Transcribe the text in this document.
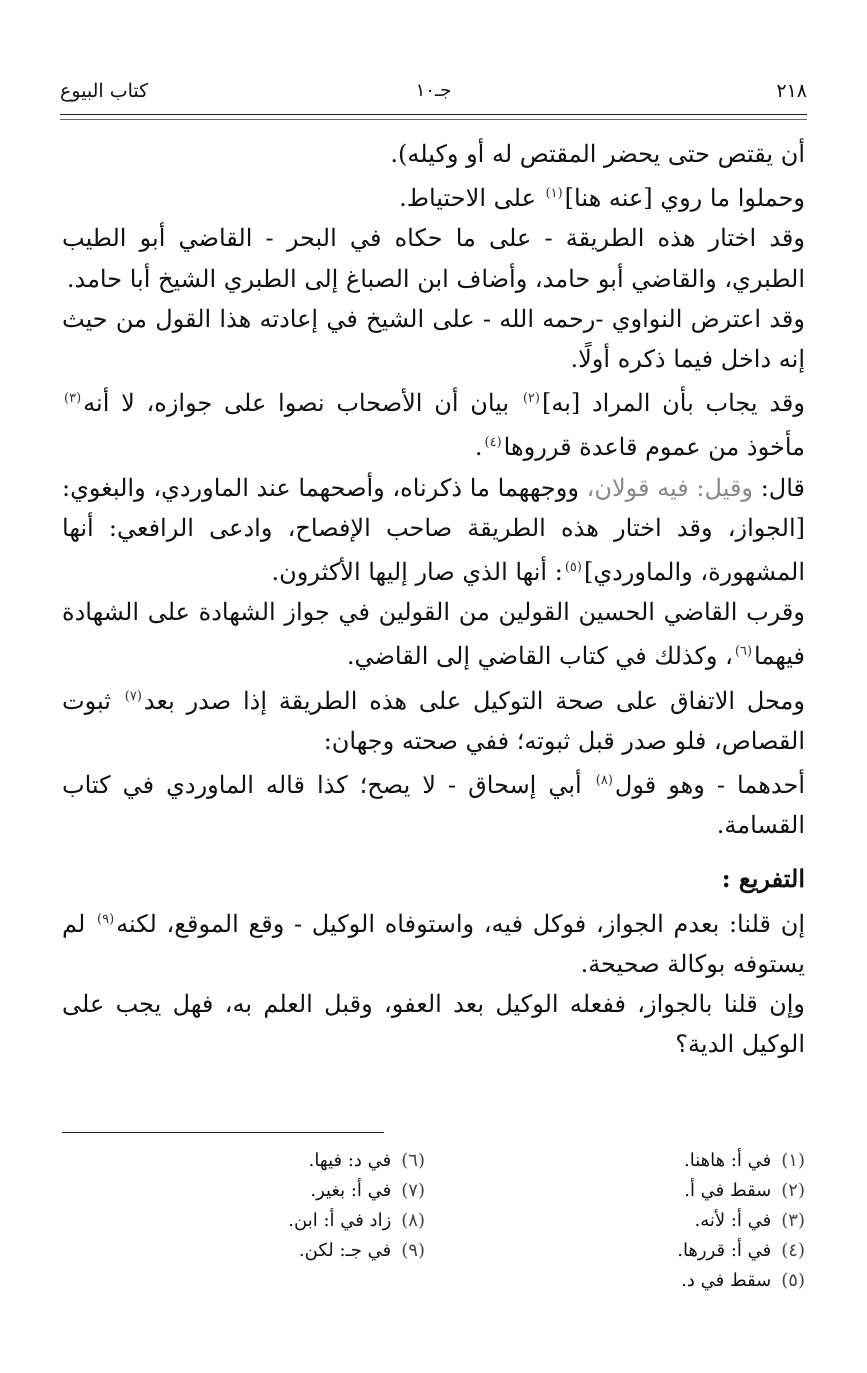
٢١٨
جـ١٠
كتاب البيوع

أن يقتص حتى يحضر المقتص له أو وكيله).

وحملوا ما روي [عنه هنا]$^{(١)}$ على الاحتياط.

وقد اختار هذه الطريقة - على ما حكاه في البحر - القاضي أبو الطيب الطبري، والقاضي أبو حامد، وأضاف ابن الصباغ إلى الطبري الشيخ أبا حامد.

وقد اعترض النواوي -رحمه الله - على الشيخ في إعادته هذا القول من حيث إنه داخل فيما ذكره أولًا.

وقد يجاب بأن المراد [به]$^{(٢)}$ بيان أن الأصحاب نصوا على جوازه، لا أنه$^{(٣)}$ مأخوذ من عموم قاعدة قرروها$^{(٤)}$.

قال: وقيل: فيه قولان، ووجههما ما ذكرناه، وأصحهما عند الماوردي، والبغوي: [الجواز، وقد اختار هذه الطريقة صاحب الإفصاح، وادعى الرافعي: أنها المشهورة، والماوردي]$^{(٥)}$: أنها الذي صار إليها الأكثرون.

وقرب القاضي الحسين القولين من القولين في جواز الشهادة على الشهادة فيهما$^{(٦)}$، وكذلك في كتاب القاضي إلى القاضي.

ومحل الاتفاق على صحة التوكيل على هذه الطريقة إذا صدر بعد$^{(٧)}$ ثبوت القصاص، فلو صدر قبل ثبوته؛ ففي صحته وجهان:

أحدهما - وهو قول$^{(٨)}$ أبي إسحاق - لا يصح؛ كذا قاله الماوردي في كتاب القسامة.

التفريع :

إن قلنا: بعدم الجواز، فوكل فيه، واستوفاه الوكيل - وقع الموقع، لكنه$^{(٩)}$ لم يستوفه بوكالة صحيحة.

وإن قلنا بالجواز، ففعله الوكيل بعد العفو، وقبل العلم به، فهل يجب على الوكيل الدية؟

(١)في أ: هاهنا.
(٢)سقط في أ.
(٣)في أ: لأنه.
(٤)في أ: قررها.
(٥)سقط في د.
(٦)في د: فيها.
(٧)في أ: بغير.
(٨)زاد في أ: ابن.
(٩)في جـ: لكن.
